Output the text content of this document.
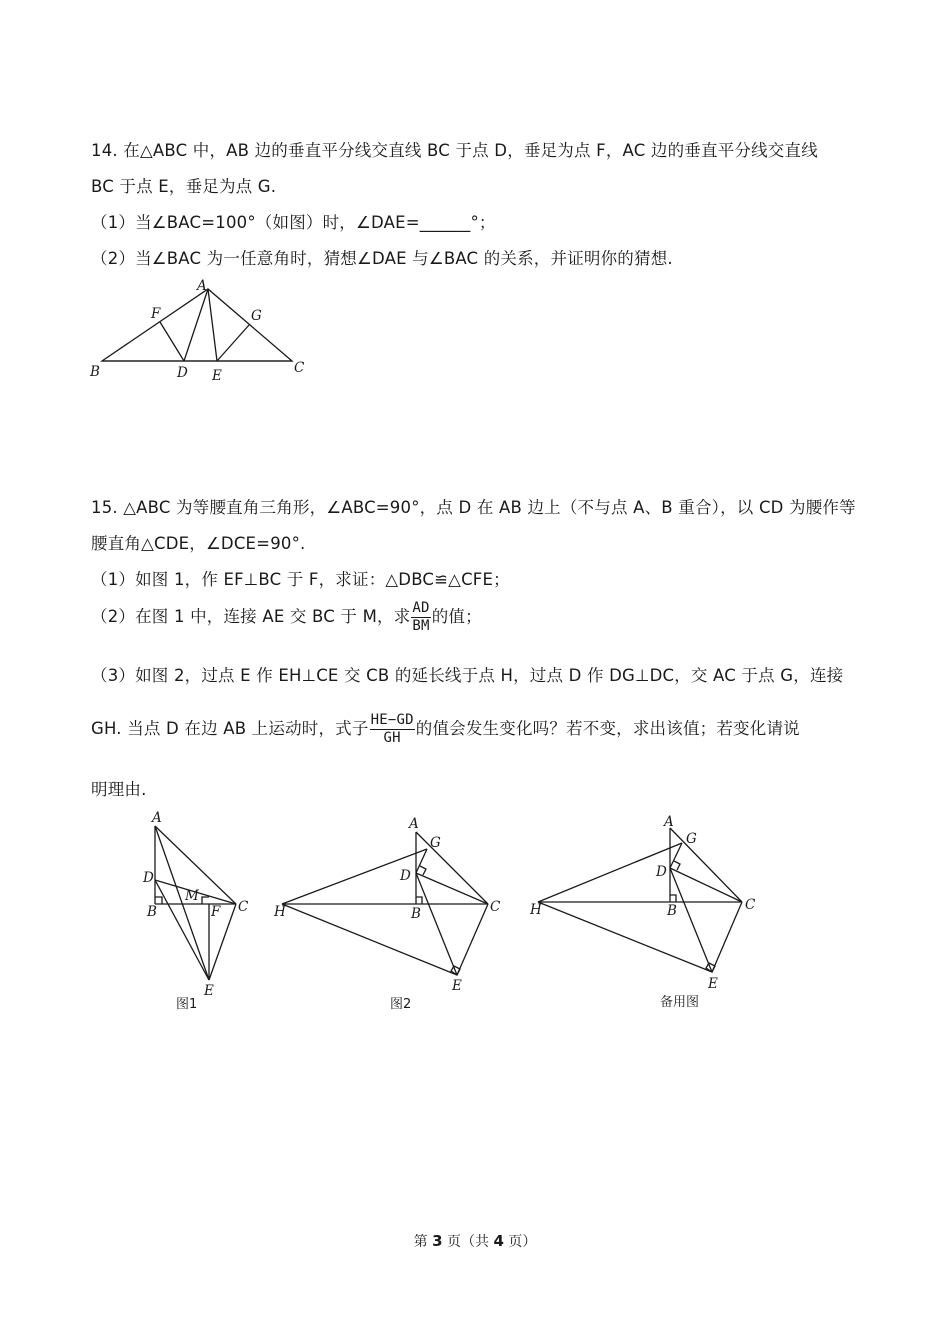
14. 在△ABC 中，AB 边的垂直平分线交直线 BC 于点 D，垂足为点 F，AC 边的垂直平分线交直线
BC 于点 E，垂足为点 G.
（1）当∠BAC=100°（如图）时，∠DAE=______°；
（2）当∠BAC 为一任意角时，猜想∠DAE 与∠BAC 的关系，并证明你的猜想.
A
B	C
D E
F	G
15. △ABC 为等腰直角三角形，∠ABC=90°，点 D 在 AB 边上（不与点 A、B 重合），以 CD 为腰作等
腰直角△CDE，∠DCE=90°.
（1）如图 1，作 EF⊥BC 于 F，求证：△DBC≌△CFE；
（2）在图 1 中，连接 AE 交 BC 于 M，求 $\frac{AD}{BM}$ 的值；
（3）如图 2，过点 E 作 EH⊥CE 交 CB 的延长线于点 H，过点 D 作 DG⊥DC，交 AC 于点 G，连接
GH. 当点 D 在边 AB 上运动时，式子 $\frac{HE-GD}{GH}$ 的值会发生变化吗？若不变，求出该值；若变化请说
明理由.
A
B	C
D
E
F
M
图1
A
B	C
D
E
G
H
图2
A
B	C
D
E
G
H
备用图
第 3 页（共 4 页）
